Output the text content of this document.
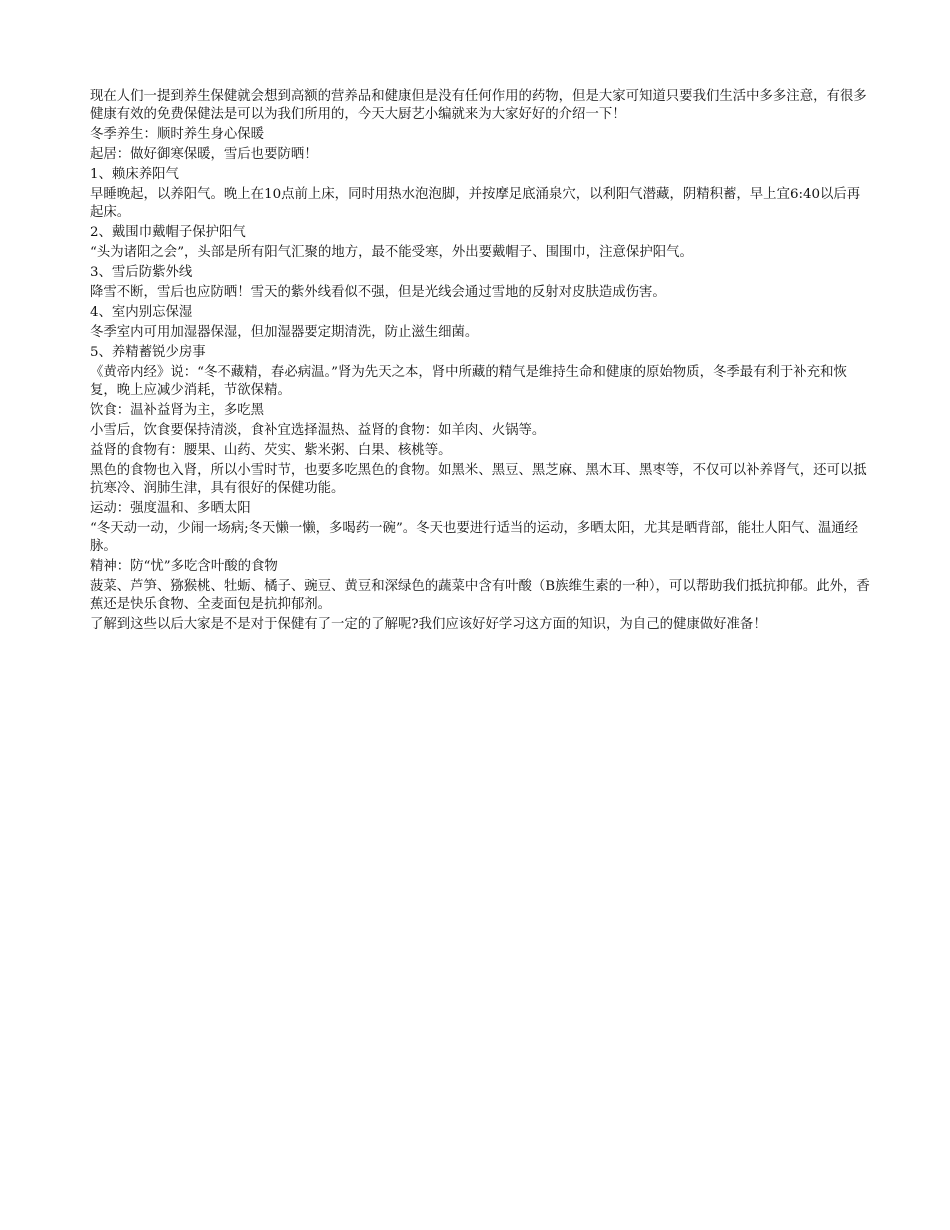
现在人们一提到养生保健就会想到高额的营养品和健康但是没有任何作用的药物，但是大家可知道只要我们生活中多多注意，有很多健康有效的免费保健法是可以为我们所用的，今天大厨艺小编就来为大家好好的介绍一下！

冬季养生：顺时养生身心保暖

起居：做好御寒保暖，雪后也要防晒！

1、赖床养阳气

早睡晚起，以养阳气。晚上在10点前上床，同时用热水泡泡脚，并按摩足底涌泉穴，以利阳气潜藏，阴精积蓄，早上宜6:40以后再起床。

2、戴围巾戴帽子保护阳气

“头为诸阳之会”，头部是所有阳气汇聚的地方，最不能受寒，外出要戴帽子、围围巾，注意保护阳气。

3、雪后防紫外线

降雪不断，雪后也应防晒！雪天的紫外线看似不强，但是光线会通过雪地的反射对皮肤造成伤害。

4、室内别忘保湿

冬季室内可用加湿器保湿，但加湿器要定期清洗，防止滋生细菌。

5、养精蓄锐少房事

《黄帝内经》说：“冬不藏精，春必病温。”肾为先天之本，肾中所藏的精气是维持生命和健康的原始物质，冬季最有利于补充和恢复，晚上应减少消耗，节欲保精。

饮食：温补益肾为主，多吃黑

小雪后，饮食要保持清淡，食补宜选择温热、益肾的食物：如羊肉、火锅等。

益肾的食物有：腰果、山药、芡实、紫米粥、白果、核桃等。

黑色的食物也入肾，所以小雪时节，也要多吃黑色的食物。如黑米、黑豆、黑芝麻、黑木耳、黑枣等，不仅可以补养肾气，还可以抵抗寒冷、润肺生津，具有很好的保健功能。

运动：强度温和、多晒太阳

“冬天动一动，少闹一场病;冬天懒一懒，多喝药一碗”。冬天也要进行适当的运动，多晒太阳，尤其是晒背部，能壮人阳气、温通经脉。

精神：防“忧”多吃含叶酸的食物

菠菜、芦笋、猕猴桃、牡蛎、橘子、豌豆、黄豆和深绿色的蔬菜中含有叶酸（B族维生素的一种），可以帮助我们抵抗抑郁。此外，香蕉还是快乐食物、全麦面包是抗抑郁剂。

了解到这些以后大家是不是对于保健有了一定的了解呢?我们应该好好学习这方面的知识，为自己的健康做好准备！
